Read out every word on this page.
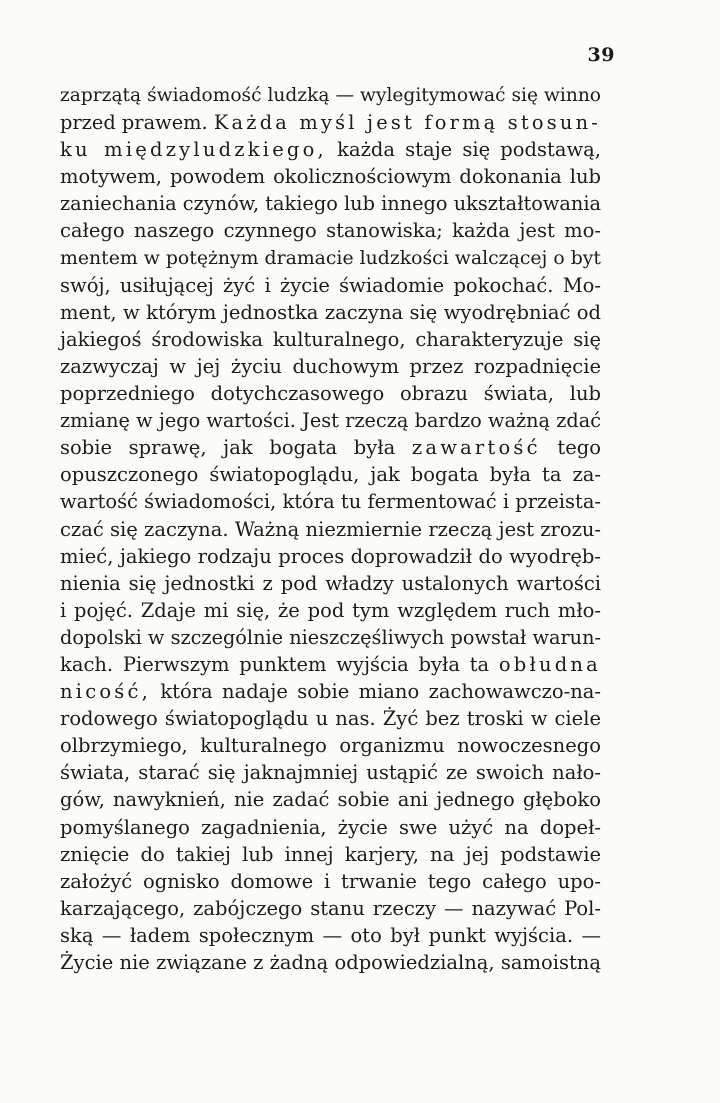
39
zaprzątą świadomość ludzką — wylegitymować się winno
przed prawem. Każda myśl jest formą stosun-
ku międzyludzkiego, każda staje się podstawą,
motywem, powodem okolicznościowym dokonania lub
zaniechania czynów, takiego lub innego ukształtowania
całego naszego czynnego stanowiska; każda jest mo-
mentem w potężnym dramacie ludzkości walczącej o byt
swój, usiłującej żyć i życie świadomie pokochać. Mo-
ment, w którym jednostka zaczyna się wyodrębniać od
jakiegoś środowiska kulturalnego, charakteryzuje się
zazwyczaj w jej życiu duchowym przez rozpadnięcie
poprzedniego dotychczasowego obrazu świata, lub
zmianę w jego wartości. Jest rzeczą bardzo ważną zdać
sobie sprawę, jak bogata była zawartość tego
opuszczonego światopoglądu, jak bogata była ta za-
wartość świadomości, która tu fermentować i przeista-
czać się zaczyna. Ważną niezmiernie rzeczą jest zrozu-
mieć, jakiego rodzaju proces doprowadził do wyodręb-
nienia się jednostki z pod władzy ustalonych wartości
i pojęć. Zdaje mi się, że pod tym względem ruch mło-
dopolski w szczególnie nieszczęśliwych powstał warun-
kach. Pierwszym punktem wyjścia była ta obłudna
nicość, która nadaje sobie miano zachowawczo-na-
rodowego światopoglądu u nas. Żyć bez troski w ciele
olbrzymiego, kulturalnego organizmu nowoczesnego
świata, starać się jaknajmniej ustąpić ze swoich nało-
gów, nawyknień, nie zadać sobie ani jednego głęboko
pomyślanego zagadnienia, życie swe użyć na dopeł-
znięcie do takiej lub innej karjery, na jej podstawie
założyć ognisko domowe i trwanie tego całego upo-
karzającego, zabójczego stanu rzeczy — nazywać Pol-
ską — ładem społecznym — oto był punkt wyjścia. —
Życie nie związane z żadną odpowiedzialną, samoistną
